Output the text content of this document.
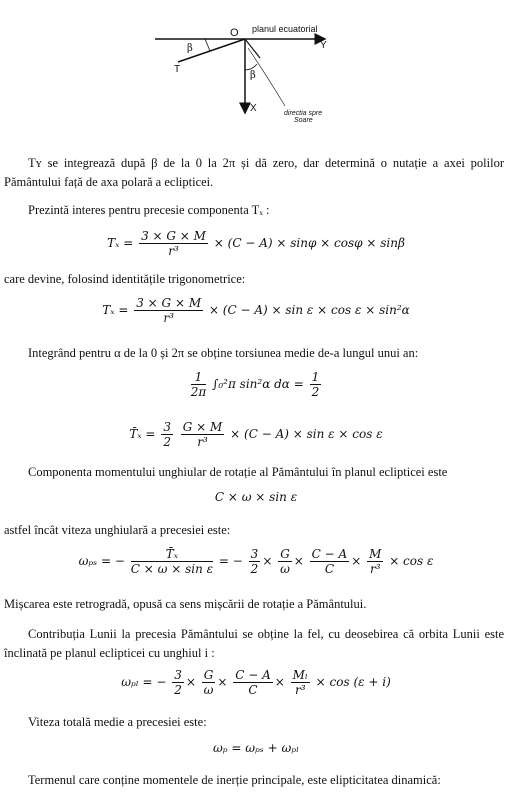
O planul ecuatorial
Y
β
T
β
X	directia spre
Soare
Tʏ se integrează după β de la 0 la 2π și dă zero, dar determină o nutație a axei polilor Pământului față de axa polară a eclipticei.
Prezintă interes pentru precesie componenta Tₓ :
$T_x = \frac{3 \times G \times M}{\text{r³}} \times (C - A) \times \sin\varphi \times \cos\varphi \times \sin\beta$
care devine, folosind identitățile trigonometrice:
$T_x = \frac{3 \times G \times M}{\text{r³}} \times (C - A) \times \sin \varepsilon \times \cos \varepsilon \times \sin^2\alpha$
Integrând pentru α de la 0 și 2π se obține torsiunea medie de-a lungul unui an:
$\frac{1}{2\pi} \int_0^2\pi$ sin²α $d\alpha = \frac{1}{2}$
T̄ₓ = $\frac{3}{2}$
$\frac{G \times M}{\text{r³}} \times (C - A) \times \sin \varepsilon \times \cos \varepsilon$
Componenta momentului unghiular de rotație al Pământului în planul eclipticei este
C × ω × sin ε
astfel încât viteza unghiulară a precesiei este:
ωₚₛ = − $\frac{\text{T̄ₓ}}{\text{C × ω × sin ε}}$ = − $\frac{3}{2} \times \frac{G}{\omega} \times \frac{C - A}{C} \times \frac{M}{\text{r³}} \times \cos \varepsilon$
Mișcarea este retrogradă, opusă ca sens mișcării de rotație a Pământului.
Contribuția Lunii la precesia Pământului se obține la fel, cu deosebirea că orbita Lunii este înclinată pe planul eclipticei cu unghiul i :
ωₚₗ = − $\frac{3}{2} \times \frac{G}{\omega} \times \frac{C - A}{C} \times \frac{\text{Mₗ}}{\text{r³}} \times \cos (\varepsilon + i)$
Viteza totală medie a precesiei este:
ωₚ = ωₚₛ + ωₚₗ
Termenul care conține momentele de inerție principale, este elipticitatea dinamică:
